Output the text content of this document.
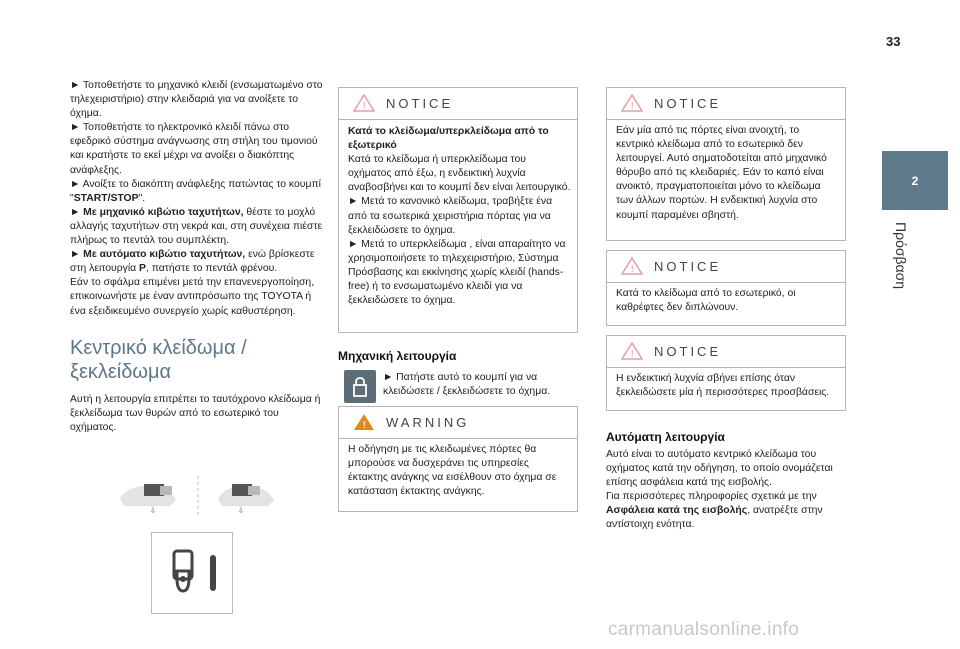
33
2
Πρόσβαση

► Τοποθετήστε το μηχανικό κλειδί (ενσωματωμένο στο τηλεχειριστήριο) στην κλειδαριά για να ανοίξετε το όχημα.

► Τοποθετήστε το ηλεκτρονικό κλειδί πάνω στο εφεδρικό σύστημα ανάγνωσης στη στήλη του τιμονιού και κρατήστε το εκεί μέχρι να ανοίξει ο διακόπτης ανάφλεξης.

► Ανοίξτε το διακόπτη ανάφλεξης πατώντας το κουμπί "START/STOP".

► Με μηχανικό κιβώτιο ταχυτήτων, θέστε το μοχλό αλλαγής ταχυτήτων στη νεκρά και, στη συνέχεια πιέστε πλήρως το πεντάλ του συμπλέκτη.

► Με αυτόματο κιβώτιο ταχυτήτων, ενώ βρίσκεστε στη λειτουργία P, πατήστε το πεντάλ φρένου.

Εάν το σφάλμα επιμένει μετά την επανενεργοποίηση, επικοινωνήστε με έναν αντιπρόσωπο της TOYOTA ή ένα εξειδικευμένο συνεργείο χωρίς καθυστέρηση.

Κεντρικό κλείδωμα / ξεκλείδωμα

Αυτή η λειτουργία επιτρέπει το ταυτόχρονο κλείδωμα ή ξεκλείδωμα των θυρών από το εσωτερικό του οχήματος.

⇓	⇓
! NOTICE

Κατά το κλείδωμα/υπερκλείδωμα από το εξωτερικό

Κατά το κλείδωμα ή υπερκλείδωμα του οχήματος από έξω, η ενδεικτική λυχνία αναβοσβήνει και το κουμπί δεν είναι λειτουργικό.

► Μετά το κανονικό κλείδωμα, τραβήξτε ένα από τα εσωτερικά χειριστήρια πόρτας για να ξεκλειδώσετε το όχημα.

► Μετά το υπερκλείδωμα , είναι απαραίτητο να χρησιμοποιήσετε το τηλεχειριστήριο, Σύστημα Πρόσβασης και εκκίνησης χωρίς κλειδί (hands-free) ή το ενσωματωμένο κλειδί για να ξεκλειδώσετε το όχημα.

Μηχανική λειτουργία
► Πατήστε αυτό το κουμπί για να κλειδώσετε / ξεκλειδώσετε το όχημα.
! WARNING

Η οδήγηση με τις κλειδωμένες πόρτες θα μπορούσε να δυσχεράνει τις υπηρεσίες έκτακτης ανάγκης να εισέλθουν στο όχημα σε κατάσταση έκτακτης ανάγκης.

! NOTICE

Εάν μία από τις πόρτες είναι ανοιχτή, το κεντρικό κλείδωμα από το εσωτερικό δεν λειτουργεί. Αυτό σηματοδοτείται από μηχανικό θόρυβο από τις κλειδαριές. Εάν το καπό είναι ανοικτό, πραγματοποιείται μόνο το κλείδωμα των άλλων πορτών. Η ενδεικτική λυχνία στο κουμπί παραμένει σβηστή.

! NOTICE

Κατά το κλείδωμα από το εσωτερικό, οι καθρέφτες δεν διπλώνουν.

! NOTICE

Η ενδεικτική λυχνία σβήνει επίσης όταν ξεκλειδώσετε μία ή περισσότερες προσβάσεις.

Αυτόματη λειτουργία

Αυτό είναι το αυτόματο κεντρικό κλείδωμα του οχήματος κατά την οδήγηση, το οποίο ονομάζεται επίσης ασφάλεια κατά της εισβολής.

Για περισσότερες πληροφορίες σχετικά με την Ασφάλεια κατά της εισβολής, ανατρέξτε στην αντίστοιχη ενότητα.

carmanualsonline.info
